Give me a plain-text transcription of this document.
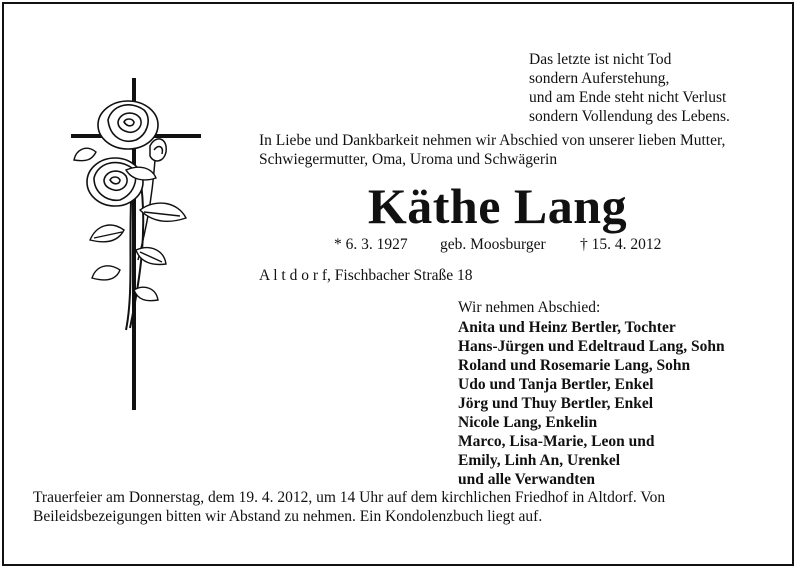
Das letzte ist nicht Tod
sondern Auferstehung,
und am Ende steht nicht Verlust
sondern Vollendung des Lebens.
In Liebe und Dankbarkeit nehmen wir Abschied von unserer lieben Mutter,
Schwiegermutter, Oma, Uroma und Schwägerin
Käthe Lang
* 6. 3. 1927 geb. Moosburger † 15. 4. 2012
A l t d o r f, Fischbacher Straße 18
Wir nehmen Abschied:
Anita und Heinz Bertler, Tochter
Hans-Jürgen und Edeltraud Lang, Sohn
Roland und Rosemarie Lang, Sohn
Udo und Tanja Bertler, Enkel
Jörg und Thuy Bertler, Enkel
Nicole Lang, Enkelin
Marco, Lisa-Marie, Leon und
Emily, Linh An, Urenkel
und alle Verwandten
Trauerfeier am Donnerstag, dem 19. 4. 2012, um 14 Uhr auf dem kirchlichen Friedhof in Altdorf. Von
Beileidsbezeigungen bitten wir Abstand zu nehmen. Ein Kondolenzbuch liegt auf.
